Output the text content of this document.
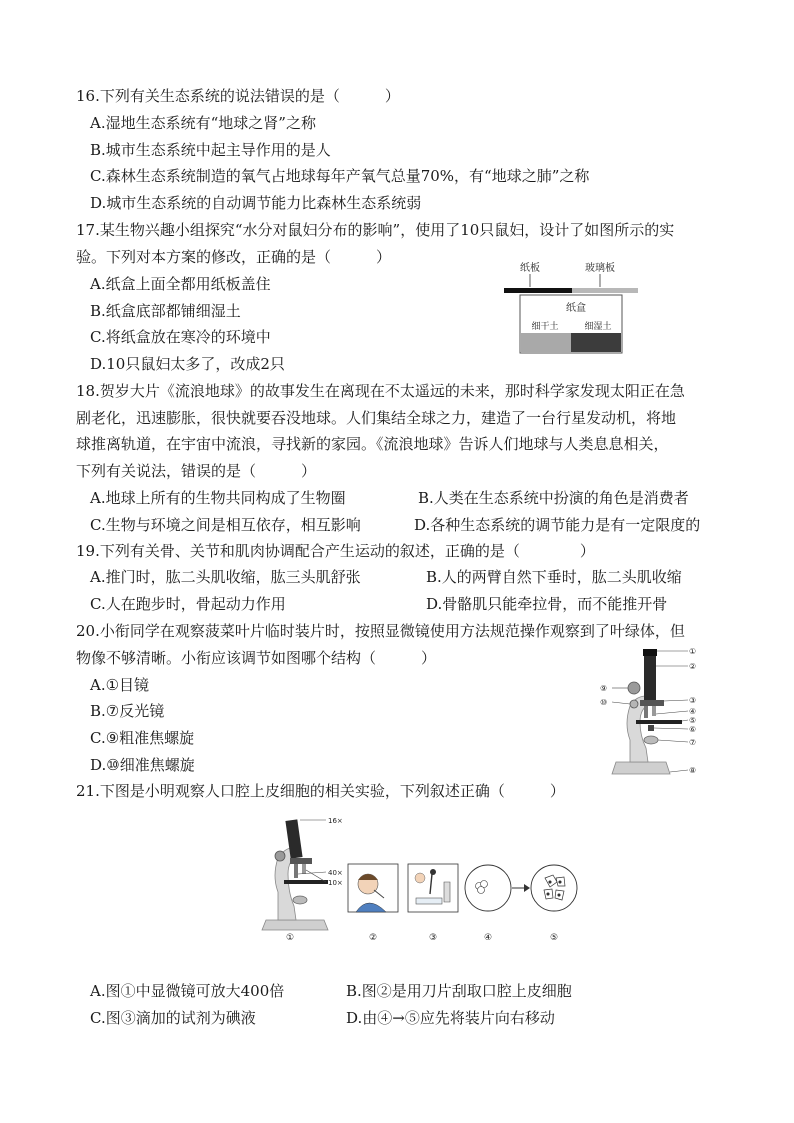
16.下列有关生态系统的说法错误的是（　　　）
A.湿地生态系统有“地球之肾”之称
B.城市生态系统中起主导作用的是人
C.森林生态系统制造的氧气占地球每年产氧气总量70%，有“地球之肺”之称
D.城市生态系统的自动调节能力比森林生态系统弱
17.某生物兴趣小组探究“水分对鼠妇分布的影响”，使用了10只鼠妇，设计了如图所示的实
验。下列对本方案的修改，正确的是（　　　）
A.纸盒上面全都用纸板盖住
B.纸盒底部都铺细湿土
C.将纸盒放在寒冷的环境中
D.10只鼠妇太多了，改成2只
纸板	玻璃板
纸盒
细干土	细湿土
18.贺岁大片《流浪地球》的故事发生在离现在不太遥远的未来，那时科学家发现太阳正在急
剧老化，迅速膨胀，很快就要吞没地球。人们集结全球之力，建造了一台行星发动机，将地
球推离轨道，在宇宙中流浪，寻找新的家园。《流浪地球》告诉人们地球与人类息息相关，
下列有关说法，错误的是（　　　）
A.地球上所有的生物共同构成了生物圈	B.人类在生态系统中扮演的角色是消费者
C.生物与环境之间是相互依存，相互影响	D.各种生态系统的调节能力是有一定限度的
19.下列有关骨、关节和肌肉协调配合产生运动的叙述，正确的是（　　　　）
A.推门时，肱二头肌收缩，肱三头肌舒张	B.人的两臂自然下垂时，肱二头肌收缩
C.人在跑步时，骨起动力作用	D.骨骼肌只能牵拉骨，而不能推开骨
20.小衔同学在观察菠菜叶片临时装片时，按照显微镜使用方法规范操作观察到了叶绿体，但
物像不够清晰。小衔应该调节如图哪个结构（　　　）
A.①目镜
B.⑦反光镜
C.⑨粗准焦螺旋
D.⑩细准焦螺旋
①
②
③
④
⑤
⑥
⑦
⑧
⑨
⑩
21.下图是小明观察人口腔上皮细胞的相关实验，下列叙述正确（　　　）
16×
40×
10×
①	②	③	④	⑤
A.图①中显微镜可放大400倍	B.图②是用刀片刮取口腔上皮细胞
C.图③滴加的试剂为碘液	D.由④→⑤应先将装片向右移动
